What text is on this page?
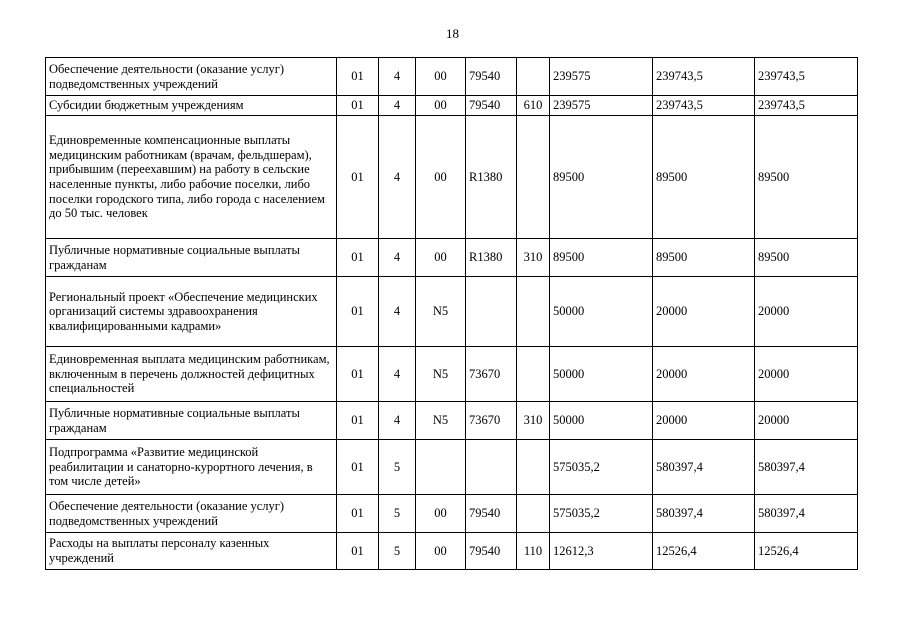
18
Обеспечение деятельности (оказание услуг) подведомственных учреждений	01	4	00	79540		239575	239743,5	239743,5
Субсидии бюджетным учреждениям	01	4	00	79540	610	239575	239743,5	239743,5
Единовременные компенсационные выплаты медицинским работникам (врачам, фельдшерам), прибывшим (переехавшим) на работу в сельские населенные пункты, либо рабочие поселки, либо поселки городского типа, либо города с населением до 50 тыс. человек	01	4	00	R1380		89500	89500	89500
Публичные нормативные социальные выплаты гражданам	01	4	00	R1380	310	89500	89500	89500
Региональный проект «Обеспечение медицинских организаций системы здравоохранения квалифицированными кадрами»	01	4	N5			50000	20000	20000
Единовременная выплата медицинским работникам, включенным в перечень должностей дефицитных специальностей	01	4	N5	73670		50000	20000	20000
Публичные нормативные социальные выплаты гражданам	01	4	N5	73670	310	50000	20000	20000
Подпрограмма «Развитие медицинской реабилитации и санаторно-курортного лечения, в том числе детей»	01	5				575035,2	580397,4	580397,4
Обеспечение деятельности (оказание услуг) подведомственных учреждений	01	5	00	79540		575035,2	580397,4	580397,4
Расходы на выплаты персоналу казенных учреждений	01	5	00	79540	110	12612,3	12526,4	12526,4
